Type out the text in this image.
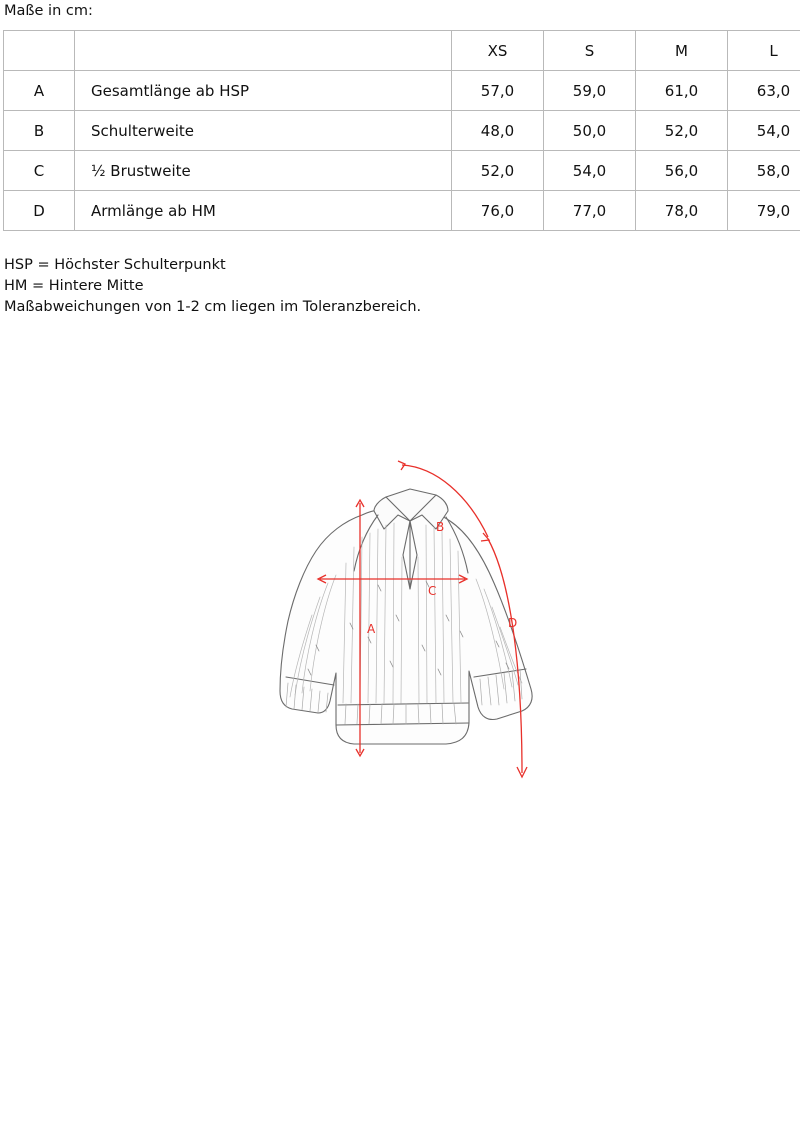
Maße in cm:
		XS	S	M	L
A	Gesamtlänge ab HSP	57,0	59,0	61,0	63,0
B	Schulterweite	48,0	50,0	52,0	54,0
C	½ Brustweite	52,0	54,0	56,0	58,0
D	Armlänge ab HM	76,0	77,0	78,0	79,0
HSP = Höchster Schulterpunkt
HM = Hintere Mitte
Maßabweichungen von 1-2 cm liegen im Toleranzbereich.
A
B
C
D
